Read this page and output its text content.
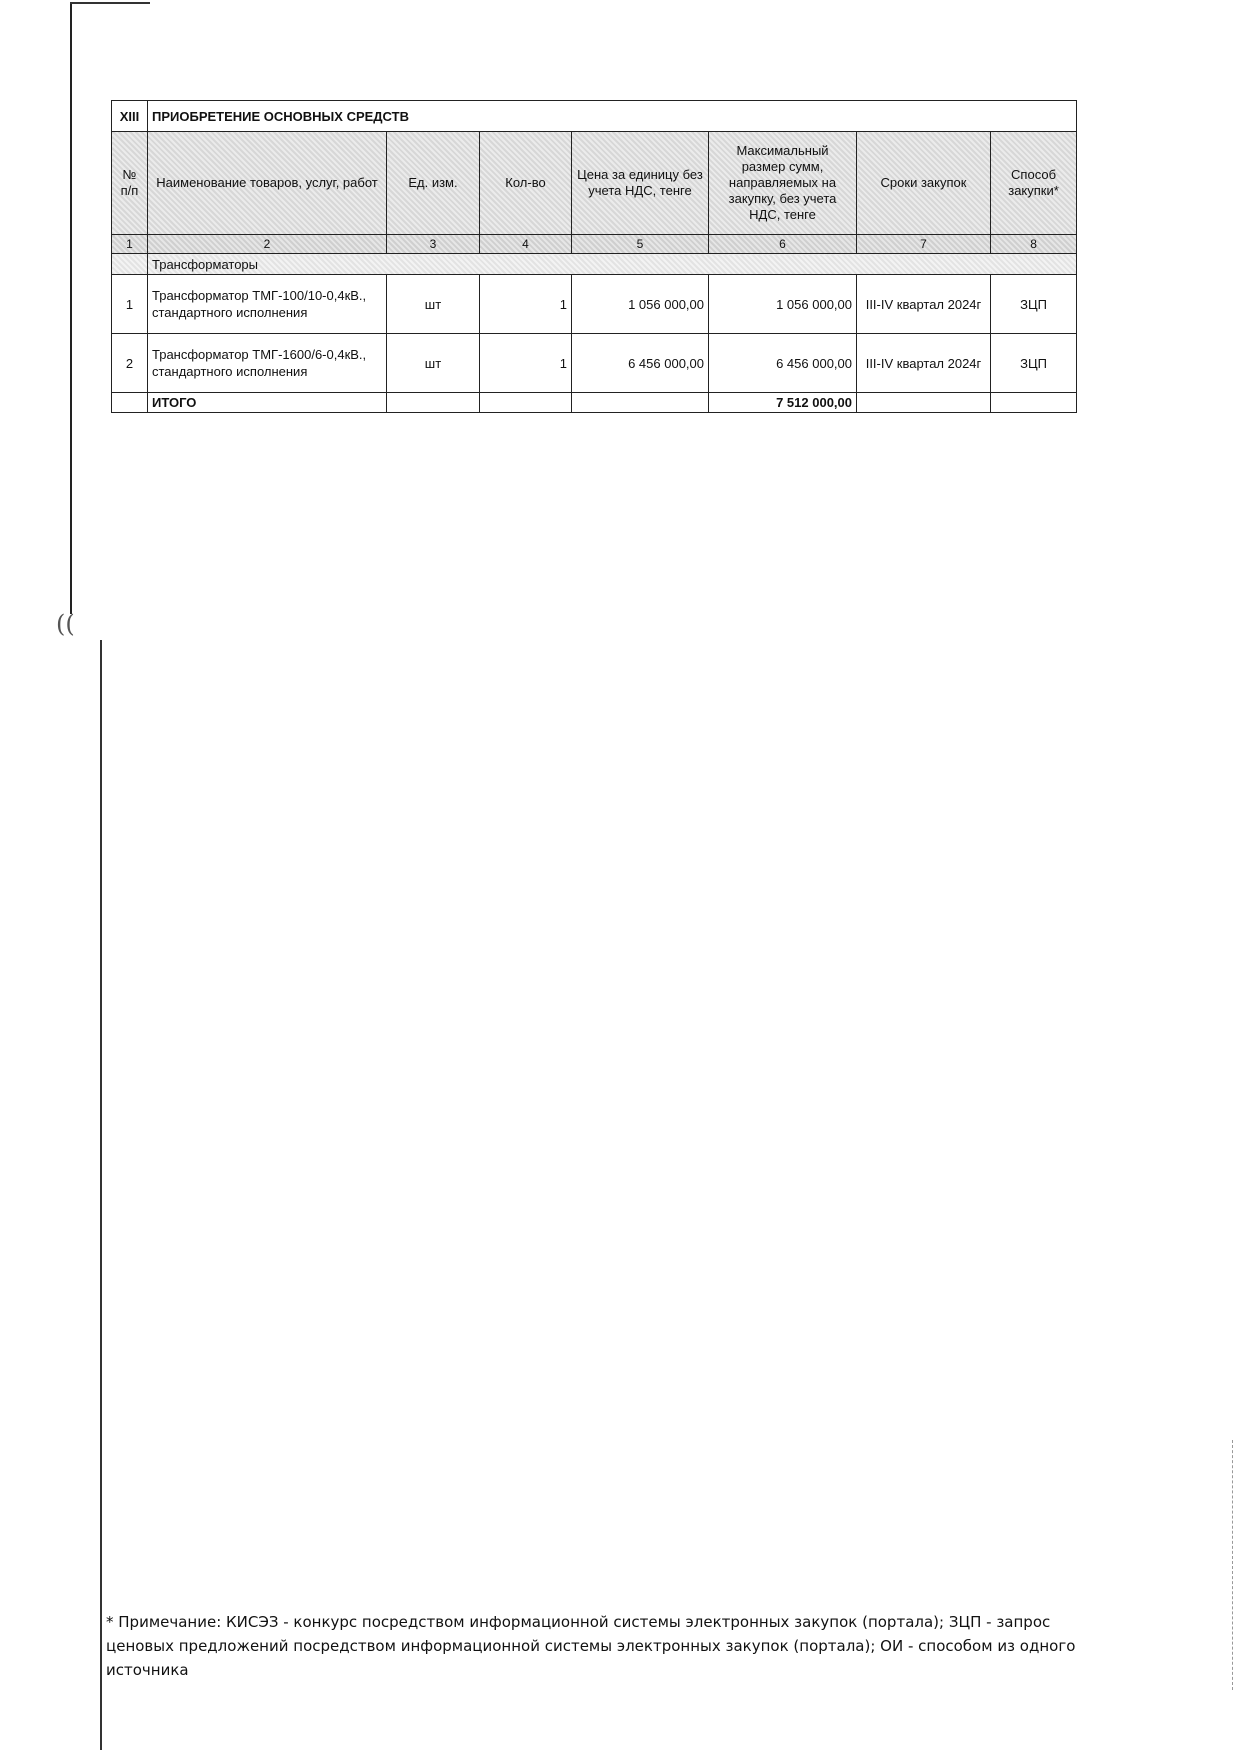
((
XIII	ПРИОБРЕТЕНИЕ ОСНОВНЫХ СРЕДСТВ						
№ п/п	Наименование товаров, услуг, работ	Ед. изм.	Кол-во	Цена за единицу без учета НДС, тенге	Максимальный размер сумм, направляемых на закупку, без учета НДС, тенге	Сроки закупок	Способ закупки*
1	2	3	4	5	6	7	8
	Трансформаторы						
1	Трансформатор ТМГ-100/10-0,4кВ., стандартного исполнения	шт	1	1 056 000,00	1 056 000,00	III-IV квартал 2024г	ЗЦП
2	Трансформатор ТМГ-1600/6-0,4кВ., стандартного исполнения	шт	1	6 456 000,00	6 456 000,00	III-IV квартал 2024г	ЗЦП
	ИТОГО				7 512 000,00		
* Примечание: КИСЭЗ - конкурс посредством информационной системы электронных закупок (портала); ЗЦП - запрос ценовых предложений посредством информационной системы электронных закупок (портала); ОИ - способом из одного источника
